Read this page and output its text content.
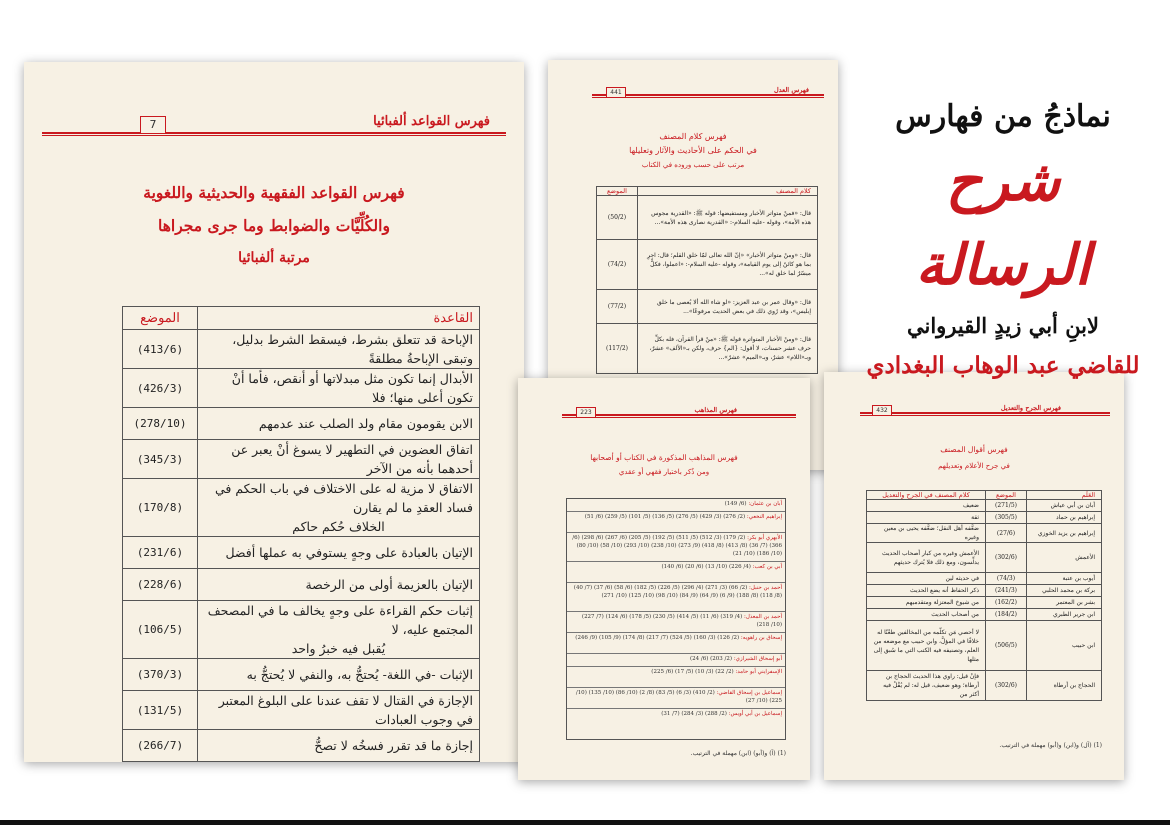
7	فهرس القواعد ألفبائيا
فهرس القواعد الفقهية والحديثية واللغوية
والكُلِّيَّات والضوابط وما جرى مجراها
مرتبة ألفبائيا
القاعدة	الموضع
الإباحة قد تتعلق بشرط، فيسقط الشرط بدليل، وتبقى الإباحةُ مطلقةً	(413/6)
الأبدال إنما تكون مثل مبدلاتها أو أنقص، فأما أنْ تكون أعلى منها؛ فلا	(426/3)
الابن يقومون مقام ولد الصلب عند عدمهم	(278/10)
اتفاق العضوين في التطهير لا يسوغ أنْ يعبر عن أحدهما بأنه من الآخر	(345/3)

الاتفاق لا مزية له على الاختلاف في باب الحكم في فساد العقدِ ما لم يقارن
الخلاف حُكم حاكم	(170/8)
الإتيان بالعبادة على وجهٍ يستوفي به عملها أفضل	(231/6)
الإتيان بالعزيمة أولى من الرخصة	(228/6)

إثبات حكم القراءة على وجهٍ يخالف ما في المصحف المجتمع عليه، لا
يُقبل فيه خبرُ واحد	(106/5)
الإثبات -في اللغة- يُحتجُّ به، والنفي لا يُحتجُّ به	(370/3)
الإجازة في القتال لا تقف عندنا على البلوغ المعتبر في وجوب العبادات	(131/5)
إجازة ما قد تقرر فسخُه لا تصحُّ	(266/7)
441	فهرس العدل
فهرس كلام المصنف
في الحكم على الأحاديث والآثار وتعليلها
مرتب على حسب وروده في الكتاب
كلام المصنف	الموضع
قال: «فمنْ متواتر الأخبار ومستفيضها: قوله ﷺ: «القدرية مجوس هذه الأمة»، وقوله -عليه السلام-: «القدرية نصارى هذه الأمة»...	(50/2)
قال: «ومنْ متواتر الأخبار» «إنّ الله تعالى لمّا خلق القلم؛ قال: اجرِ بما هو كائنٌ إلى يوم القيامة»، وقوله -عليه السلام-: «اعملوا، فكلٌّ ميسّرٌ لما خلق له»...	(74/2)
قال: «وقال عمر بن عبد العزيز: «لو شاء الله ألا يُعصى ما خلق إبليس»، وقد رُوي ذلك في بعض الحديث مرفوعًا»...	(77/2)
قال: «ومنْ الأخبار المتواترة قوله ﷺ: «منْ قرأ القرآن، فله بكلِّ حرف عشر حسنات، لا أقول: {الم} حرف، ولكن بـ«الألف» عشرٌ، وبـ«اللام» عشرٌ، وبـ«الميم» عشرٌ»...	(117/2)
223	فهرس المذاهب
فهرس المذاهب المذكورة في الكتاب أو أصحابها
ومن ذُكر باختيار فقهي أو عقدي
أبان بن عثمان: (6/ 149)
إبراهيم النخعي: (2/ 276) (3/ 429) (5/ 276) (5/ 136) (5/ 101) (5/ 259) (6/ 51)
الأبهري أبو بكر: (2/ 179) (3/ 512) (5/ 511) (5/ 192) (5/ 205) (6/ 267) (6/ 298) (6/ 366) (7/ 36) (8/ 413) (8/ 418) (9/ 273) (10/ 238) (10/ 293) (10/ 58) (10/ 80) (10/ 186) (10/ 21)
أبي بن كعب: (4/ 226) (10/ 13) (6/ 20) (6/ 140)
أحمد بن حنبل: (2/ 66) (3/ 271) (4/ 296) (5/ 226) (5/ 182) (6/ 58) (6/ 37) (7/ 40) (8/ 118) (8/ 188) (9/ 6) (9/ 64) (9/ 84) (10/ 98) (10/ 125) (10/ 271)
أحمد بن المعذل: (4/ 319) (6/ 11) (5/ 414) (5/ 230) (5/ 178) (6/ 124) (7/ 227) (10/ 218)
إسحاق بن راهويه: (2/ 126) (3/ 160) (5/ 524) (7/ 217) (8/ 174) (9/ 105) (9/ 246)
أبو إسحاق الشيرازي: (2/ 203) (6/ 24)
الإسفرايني أبو حامد: (2/ 22) (3/ 10) (5/ 17) (6/ 225)
إسماعيل بن إسحاق القاضي: (2/ 410) (3/ 6) (5/ 83) (8/ 2) (10/ 86) (10/ 135) (10/ 225) (10/ 27)
إسماعيل بن أبي أويس: (2/ 288) (3/ 284) (7/ 31)
(1) (آ) و(أبو) (ابن) مهملة في الترتيب.
432	فهرس الجرح والتعديل
فهرس أقوال المصنف
في جرح الأعلام وتعديلهم
العَلَم	الموضع	كلام المصنف في الجرح والتعديل
أبان بن أبي عياش	(271/5)	ضعيف
إبراهيم بن حماد	(305/5)	ثقة
إبراهيم بن يزيد الخوزي	(27/6)	ضعَّفه أهل النقل؛ ضعَّفه يحيى بن معين وغيره
الأعمش	(302/6)	الأعمش وغيره من كبار أصحاب الحديث يدلِّسون، ومع ذلك فلا يُترك حديثهم
أيوب بن عتبة	(74/3)	في حديثه لين
بركة بن محمد الحلبي	(241/3)	ذكر الحفاظ أنه يضع الحديث
بشر بن المعتمر	(162/2)	من شيوخ المعتزلة ومتقدميهم
ابن جرير الطبري	(184/2)	من أصحاب الحديث
ابن حبيب	(506/5)	لا أحصي مَن تكلّمه من المخالفين طعْنًا له خلافًا في المؤلَّ، وابن حبيب مع موضعه من العلم، وتصنيفه فيه الكتب التي ما سُبق إلى مثلها
الحجاج بن أرطاة	(302/6)	فإنْ قيل: راوي هذا الحديث الحجاج بن أرطاة؛ وهو ضعيف، قيل له: لم يُقْلْ فيه أكثر من
(1) (آل) و(ابن) و(أبو) مهملة في الترتيب.
نماذجُ من فهارس
شرح الرسالة
لابنِ أبي زيدٍ القيرواني
للقاضي عبد الوهاب البغدادي
